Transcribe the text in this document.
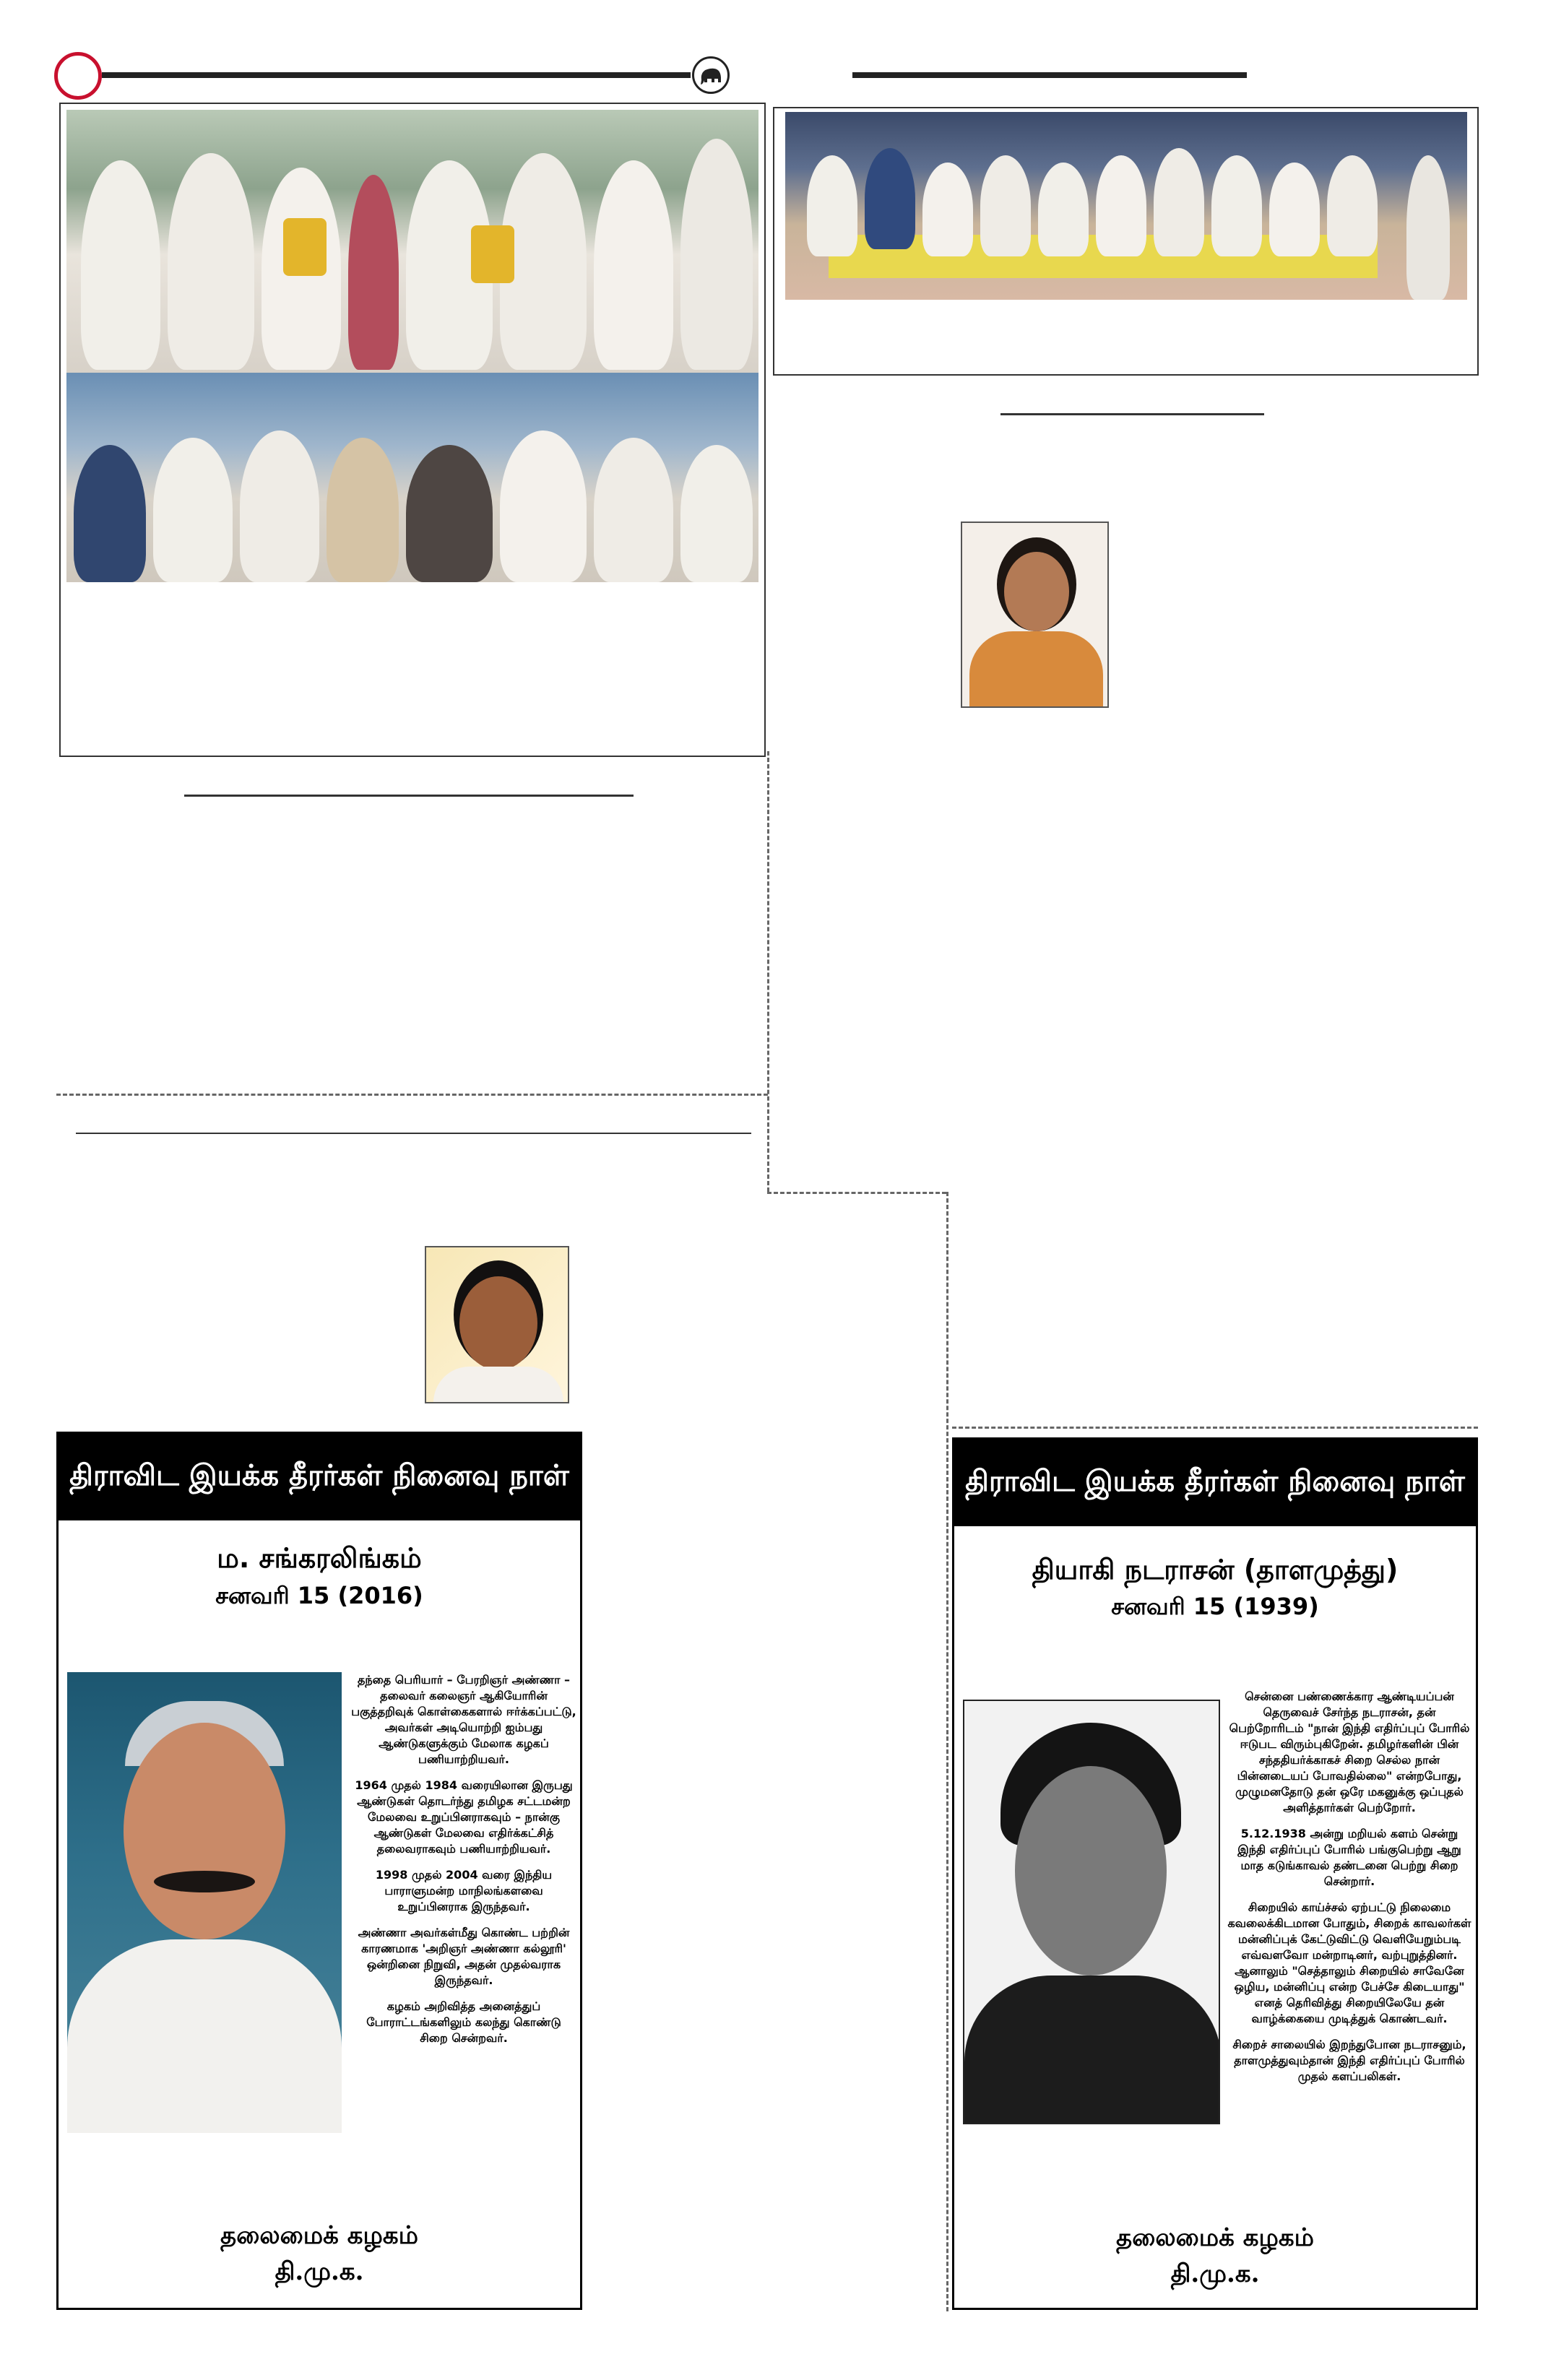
திராவிட இயக்க தீரர்கள் நினைவு நாள்
ம. சங்கரலிங்கம்
சனவரி 15 (2016)

தந்தை பெரியார் – பேரறிஞர் அண்ணா – தலைவர் கலைஞர் ஆகியோரின் பகுத்தறிவுக் கொள்கைகளால் ஈர்க்கப்பட்டு, அவர்கள் அடியொற்றி ஐம்பது ஆண்டுகளுக்கும் மேலாக கழகப் பணியாற்றியவர்.

1964 முதல் 1984 வரையிலான இருபது ஆண்டுகள் தொடர்ந்து தமிழக சட்டமன்ற மேலவை உறுப்பினராகவும் – நான்கு ஆண்டுகள் மேலவை எதிர்க்கட்சித் தலைவராகவும் பணியாற்றியவர்.

1998 முதல் 2004 வரை இந்திய பாராளுமன்ற மாநிலங்களவை உறுப்பினராக இருந்தவர்.

அண்ணா அவர்கள்மீது கொண்ட பற்றின் காரணமாக 'அறிஞர் அண்ணா கல்லூரி' ஒன்றினை நிறுவி, அதன் முதல்வராக இருந்தவர்.

கழகம் அறிவித்த அனைத்துப் போராட்டங்களிலும் கலந்து கொண்டு சிறை சென்றவர்.

தலைமைக் கழகம்
தி.மு.க.
திராவிட இயக்க தீரர்கள் நினைவு நாள்
தியாகி நடராசன் (தாளமுத்து)
சனவரி 15 (1939)

சென்னை பண்ணைக்கார ஆண்டியப்பன் தெருவைச் சேர்ந்த நடராசன், தன் பெற்றோரிடம் "நான் இந்தி எதிர்ப்புப் போரில் ஈடுபட விரும்புகிறேன். தமிழர்களின் பின் சந்ததியர்க்காகச் சிறை செல்ல நான் பின்னடையப் போவதில்லை" என்றபோது, முழுமனதோடு தன் ஒரே மகனுக்கு ஒப்புதல் அளித்தார்கள் பெற்றோர்.

5.12.1938 அன்று மறியல் களம் சென்று இந்தி எதிர்ப்புப் போரில் பங்குபெற்று ஆறு மாத கடுங்காவல் தண்டனை பெற்று சிறை சென்றார்.

சிறையில் காய்ச்சல் ஏற்பட்டு நிலைமை கவலைக்கிடமான போதும், சிறைக் காவலர்கள் மன்னிப்புக் கேட்டுவிட்டு வெளியேறும்படி எவ்வளவோ மன்றாடினர், வற்புறுத்தினர். ஆனாலும் "செத்தாலும் சிறையில் சாவேனே ஒழிய, மன்னிப்பு என்ற பேச்சே கிடையாது" எனத் தெரிவித்து சிறையிலேயே தன் வாழ்க்கையை முடித்துக் கொண்டவர்.

சிறைச் சாலையில் இறந்துபோன நடராசனும், தாளமுத்துவும்தான் இந்தி எதிர்ப்புப் போரில் முதல் களப்பலிகள்.

தலைமைக் கழகம்
தி.மு.க.
